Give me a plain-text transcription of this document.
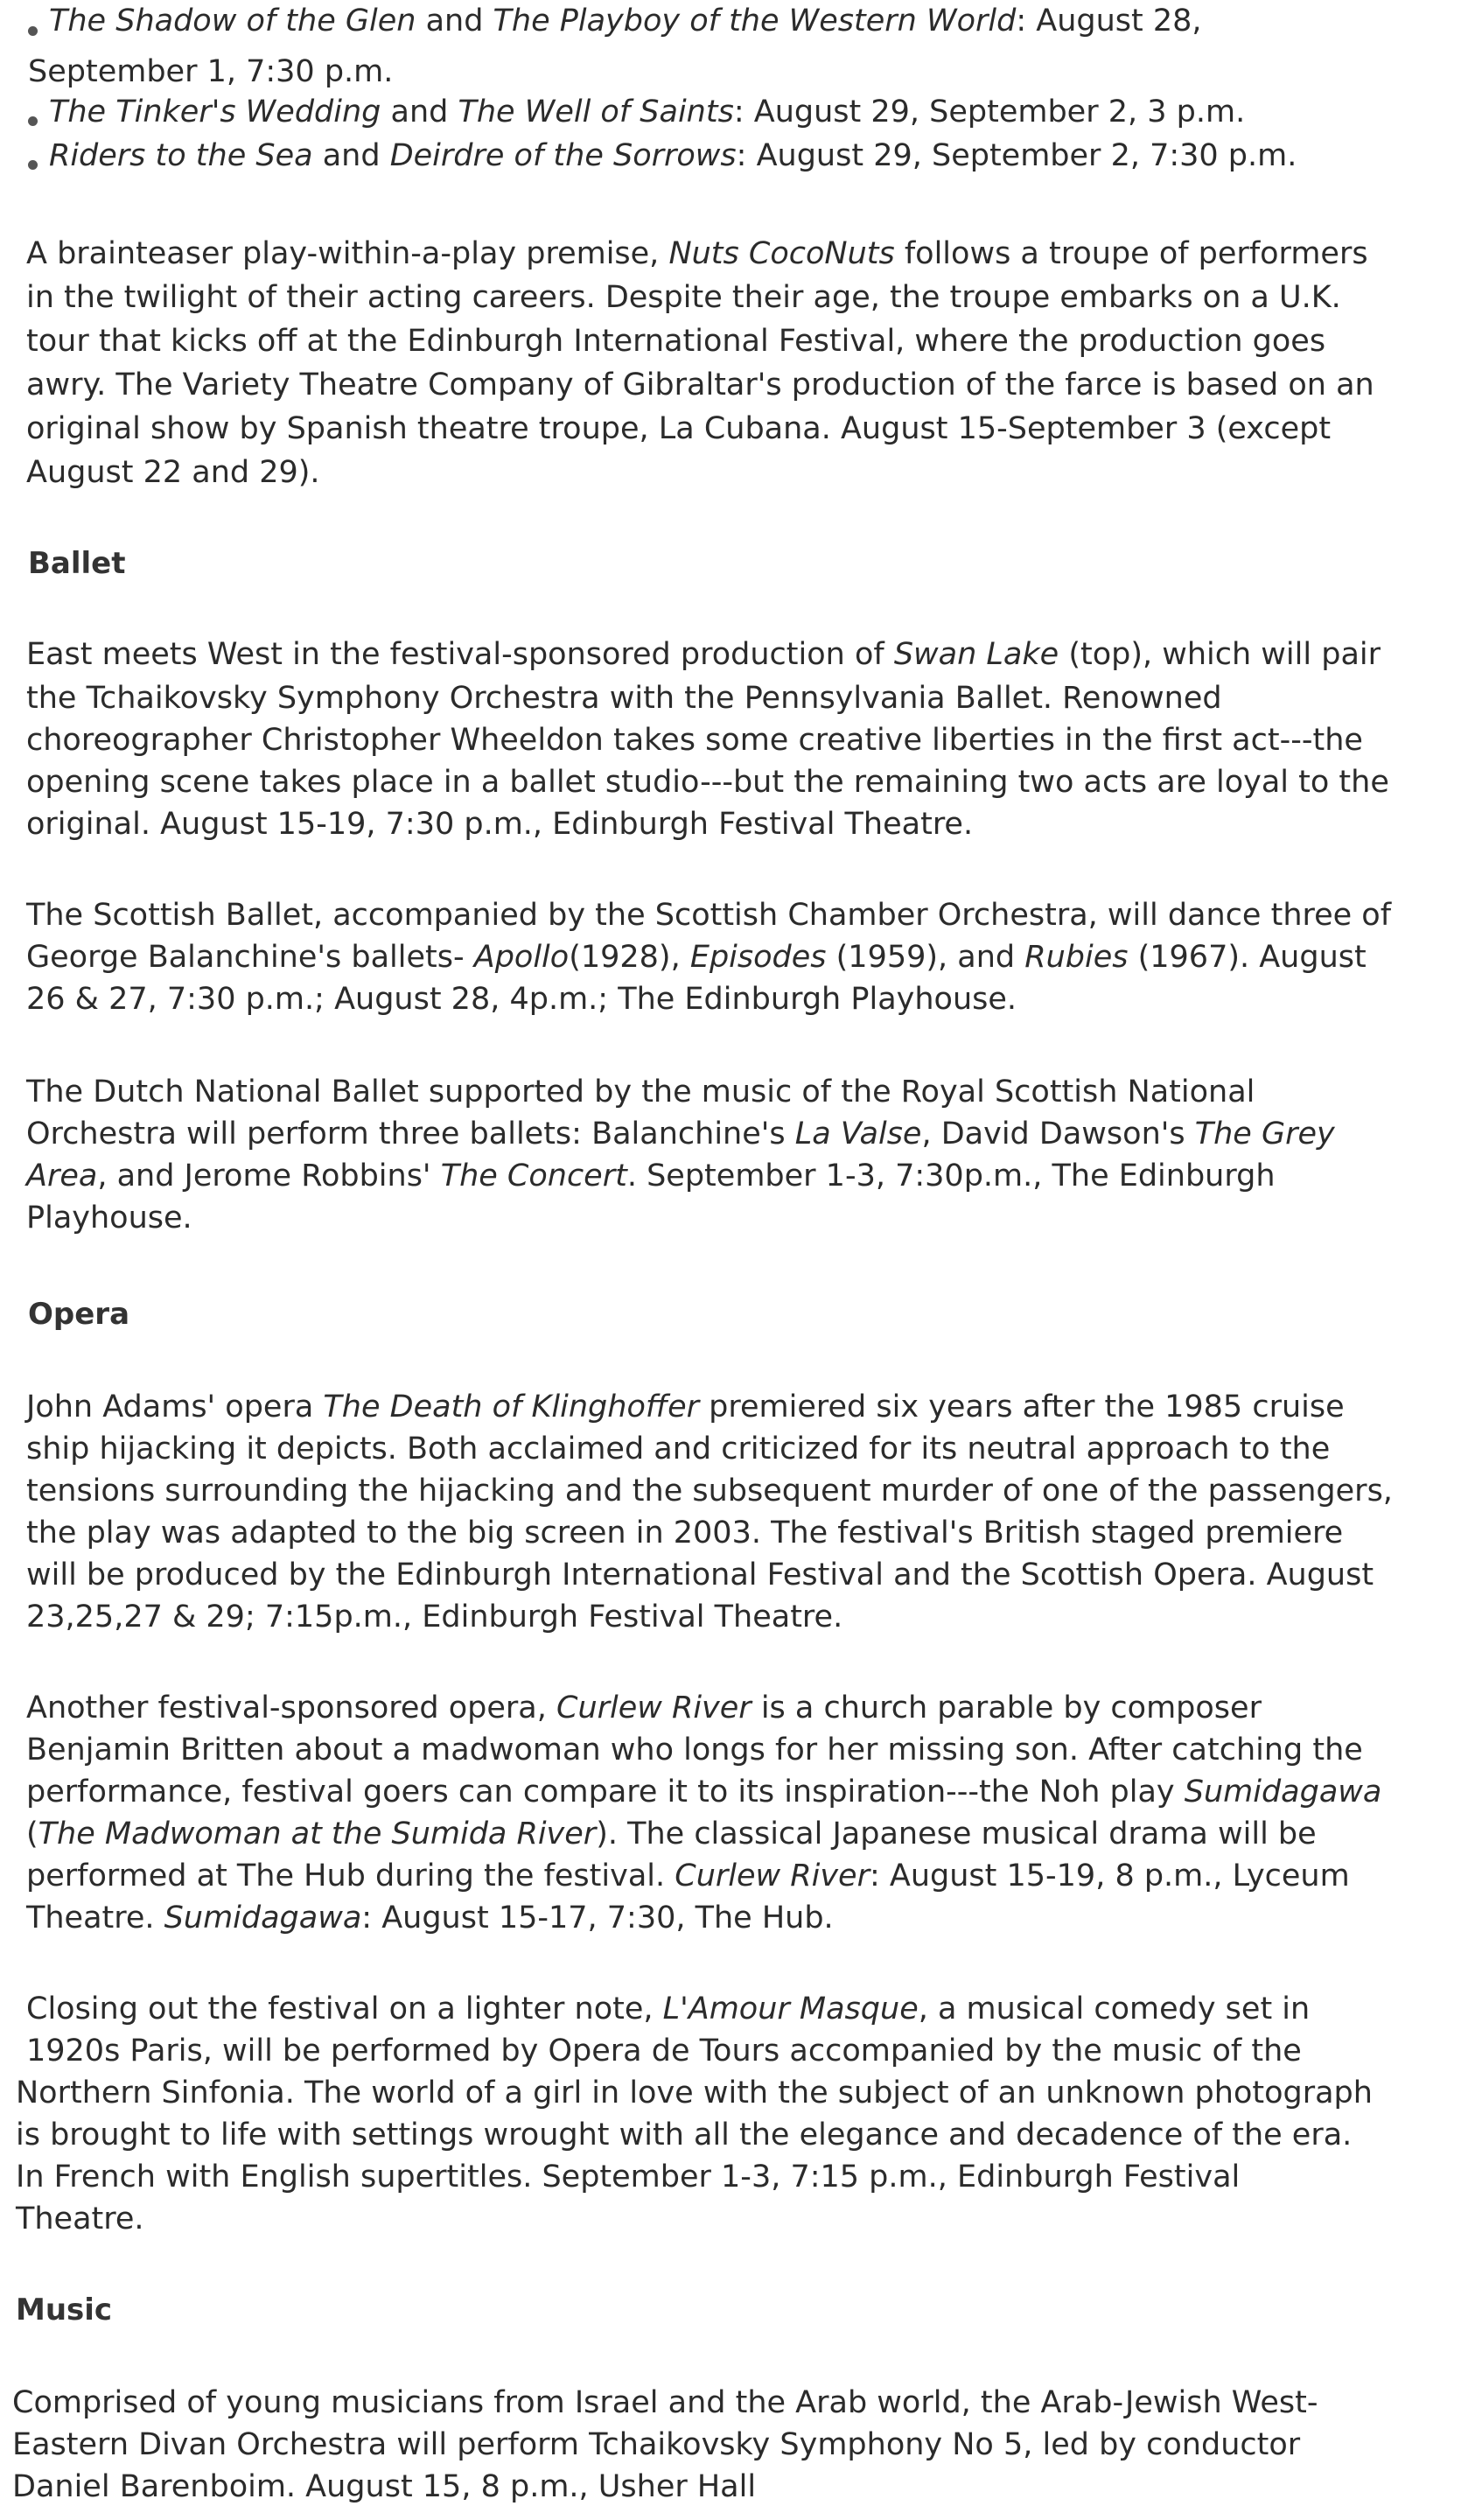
The Shadow of the Glen and The Playboy of the Western World: August 28,

September 1, 7:30 p.m.

The Tinker's Wedding and The Well of Saints: August 29, September 2, 3 p.m.

Riders to the Sea and Deirdre of the Sorrows: August 29, September 2, 7:30 p.m.

A brainteaser play-within-a-play premise, Nuts CocoNuts follows a troupe of performers

in the twilight of their acting careers. Despite their age, the troupe embarks on a U.K.

tour that kicks off at the Edinburgh International Festival, where the production goes

awry. The Variety Theatre Company of Gibraltar's production of the farce is based on an

original show by Spanish theatre troupe, La Cubana. August 15-September 3 (except

August 22 and 29).

Ballet

East meets West in the festival-sponsored production of Swan Lake (top), which will pair

the Tchaikovsky Symphony Orchestra with the Pennsylvania Ballet. Renowned

choreographer Christopher Wheeldon takes some creative liberties in the first act---the

opening scene takes place in a ballet studio---but the remaining two acts are loyal to the

original. August 15-19, 7:30 p.m., Edinburgh Festival Theatre.

The Scottish Ballet, accompanied by the Scottish Chamber Orchestra, will dance three of

George Balanchine's ballets- Apollo(1928), Episodes (1959), and Rubies (1967). August

26 & 27, 7:30 p.m.; August 28, 4p.m.; The Edinburgh Playhouse.

The Dutch National Ballet supported by the music of the Royal Scottish National

Orchestra will perform three ballets: Balanchine's La Valse, David Dawson's The Grey

Area, and Jerome Robbins' The Concert. September 1-3, 7:30p.m., The Edinburgh

Playhouse.

Opera

John Adams' opera The Death of Klinghoffer premiered six years after the 1985 cruise

ship hijacking it depicts. Both acclaimed and criticized for its neutral approach to the

tensions surrounding the hijacking and the subsequent murder of one of the passengers,

the play was adapted to the big screen in 2003. The festival's British staged premiere

will be produced by the Edinburgh International Festival and the Scottish Opera. August

23,25,27 & 29; 7:15p.m., Edinburgh Festival Theatre.

Another festival-sponsored opera, Curlew River is a church parable by composer

Benjamin Britten about a madwoman who longs for her missing son. After catching the

performance, festival goers can compare it to its inspiration---the Noh play Sumidagawa

(The Madwoman at the Sumida River). The classical Japanese musical drama will be

performed at The Hub during the festival. Curlew River: August 15-19, 8 p.m., Lyceum

Theatre. Sumidagawa: August 15-17, 7:30, The Hub.

Closing out the festival on a lighter note, L'Amour Masque, a musical comedy set in

1920s Paris, will be performed by Opera de Tours accompanied by the music of the

Northern Sinfonia. The world of a girl in love with the subject of an unknown photograph

is brought to life with settings wrought with all the elegance and decadence of the era.

In French with English supertitles. September 1-3, 7:15 p.m., Edinburgh Festival

Theatre.

Music

Comprised of young musicians from Israel and the Arab world, the Arab-Jewish West-

Eastern Divan Orchestra will perform Tchaikovsky Symphony No 5, led by conductor

Daniel Barenboim. August 15, 8 p.m., Usher Hall
